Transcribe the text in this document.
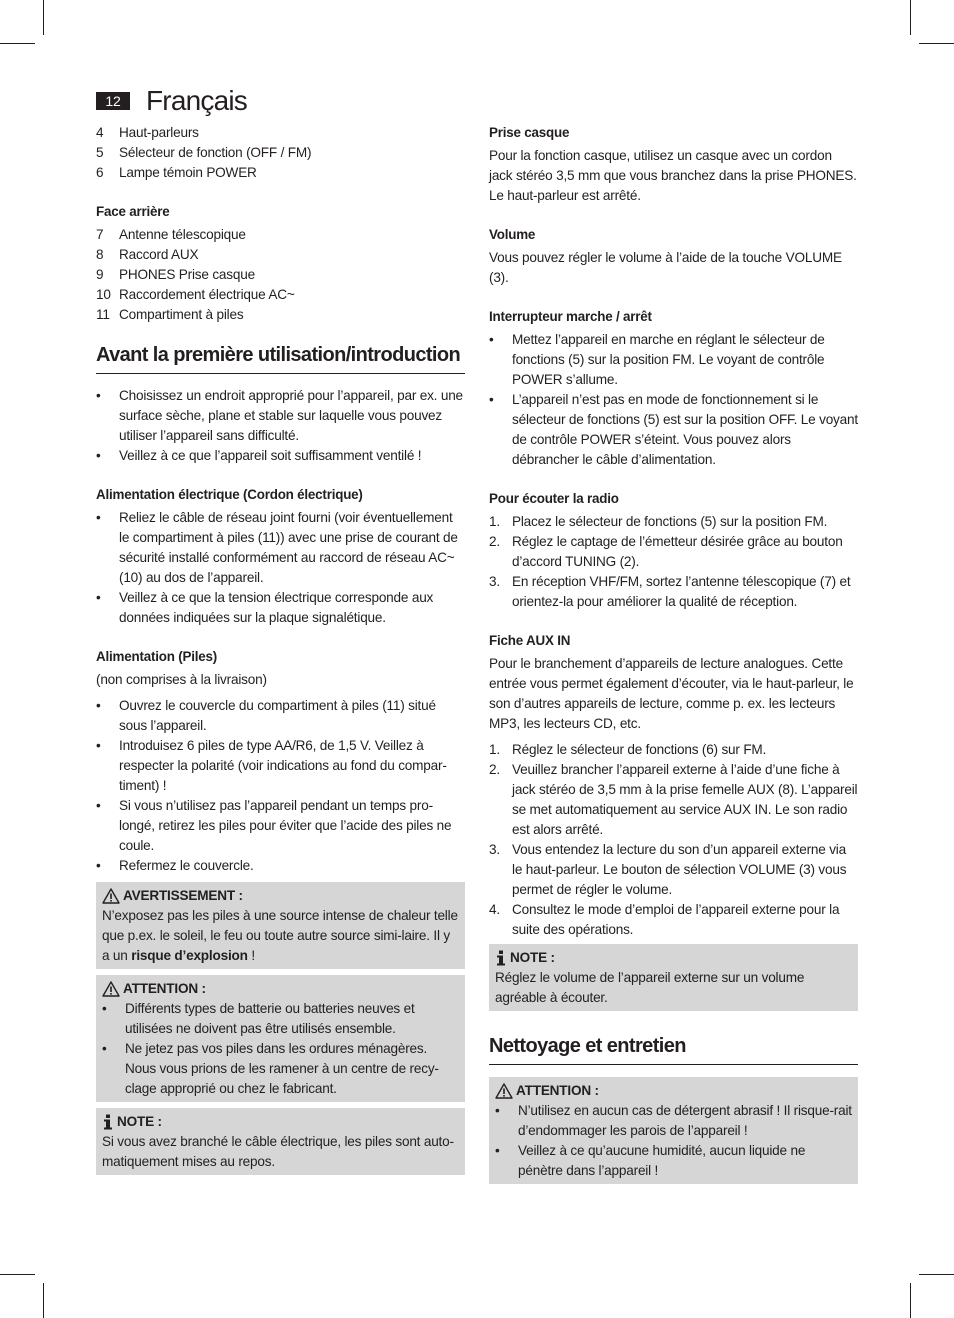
12 Français
4	Haut-parleurs
5	Sélecteur de fonction (OFF / FM)
6	Lampe témoin POWER

Face arrière

7	Antenne télescopique
8	Raccord AUX
9	PHONES Prise casque
10 Raccordement électrique AC~
11 Compartiment à piles
Avant la première utilisation/introduction
•	Choisissez un endroit approprié pour l’appareil, par ex. une surface sèche, plane et stable sur laquelle vous pouvez utiliser l’appareil sans difficulté.
•	Veillez à ce que l’appareil soit suffisamment ventilé !

Alimentation électrique (Cordon électrique)

•	Reliez le câble de réseau joint fourni (voir éventuellement le compartiment à piles (11)) avec une prise de courant de sécurité installé conformément au raccord de réseau AC~ (10) au dos de l’appareil.
•	Veillez à ce que la tension électrique corresponde aux données indiquées sur la plaque signalétique.

Alimentation (Piles)

(non comprises à la livraison)

•	Ouvrez le couvercle du compartiment à piles (11) situé sous l’appareil.
•	Introduisez 6 piles de type AA/R6, de 1,5 V. Veillez à respecter la polarité (voir indications au fond du compar-timent) !
•	Si vous n’utilisez pas l’appareil pendant un temps pro-longé, retirez les piles pour éviter que l’acide des piles ne coule.
•	Refermez le couvercle.
AVERTISSEMENT :

N’exposez pas les piles à une source intense de chaleur telle que p.ex. le soleil, le feu ou toute autre source simi-laire. Il y a un risque d’explosion !

ATTENTION :
•	Différents types de batterie ou batteries neuves et utilisées ne doivent pas être utilisés ensemble.
•	Ne jetez pas vos piles dans les ordures ménagères. Nous vous prions de les ramener à un centre de recy-clage approprié ou chez le fabricant.
NOTE :

Si vous avez branché le câble électrique, les piles sont auto-matiquement mises au repos.

Prise casque

Pour la fonction casque, utilisez un casque avec un cordon jack stéréo 3,5 mm que vous branchez dans la prise PHONES. Le haut-parleur est arrêté.

Volume

Vous pouvez régler le volume à l’aide de la touche VOLUME (3).

Interrupteur marche / arrêt

•	Mettez l’appareil en marche en réglant le sélecteur de fonctions (5) sur la position FM. Le voyant de contrôle POWER s’allume.
•	L’appareil n’est pas en mode de fonctionnement si le sélecteur de fonctions (5) est sur la position OFF. Le voyant de contrôle POWER s’éteint. Vous pouvez alors débrancher le câble d’alimentation.

Pour écouter la radio

1. Placez le sélecteur de fonctions (5) sur la position FM.
2. Réglez le captage de l’émetteur désirée grâce au bouton d’accord TUNING (2).
3. En réception VHF/FM, sortez l’antenne télescopique (7) et orientez-la pour améliorer la qualité de réception.

Fiche AUX IN

Pour le branchement d’appareils de lecture analogues. Cette entrée vous permet également d’écouter, via le haut-parleur, le son d’autres appareils de lecture, comme p. ex. les lecteurs MP3, les lecteurs CD, etc.

1. Réglez le sélecteur de fonctions (6) sur FM.
2. Veuillez brancher l’appareil externe à l’aide d’une fiche à jack stéréo de 3,5 mm à la prise femelle AUX (8). L’appareil se met automatiquement au service AUX IN. Le son radio est alors arrêté.
3. Vous entendez la lecture du son d’un appareil externe via le haut-parleur. Le bouton de sélection VOLUME (3) vous permet de régler le volume.
4. Consultez le mode d’emploi de l’appareil externe pour la suite des opérations.
NOTE :

Réglez le volume de l’appareil externe sur un volume agréable à écouter.

Nettoyage et entretien
ATTENTION :
•	N’utilisez en aucun cas de détergent abrasif ! Il risque-rait d’endommager les parois de l’appareil !
•	Veillez à ce qu’aucune humidité, aucun liquide ne pénètre dans l’appareil !
